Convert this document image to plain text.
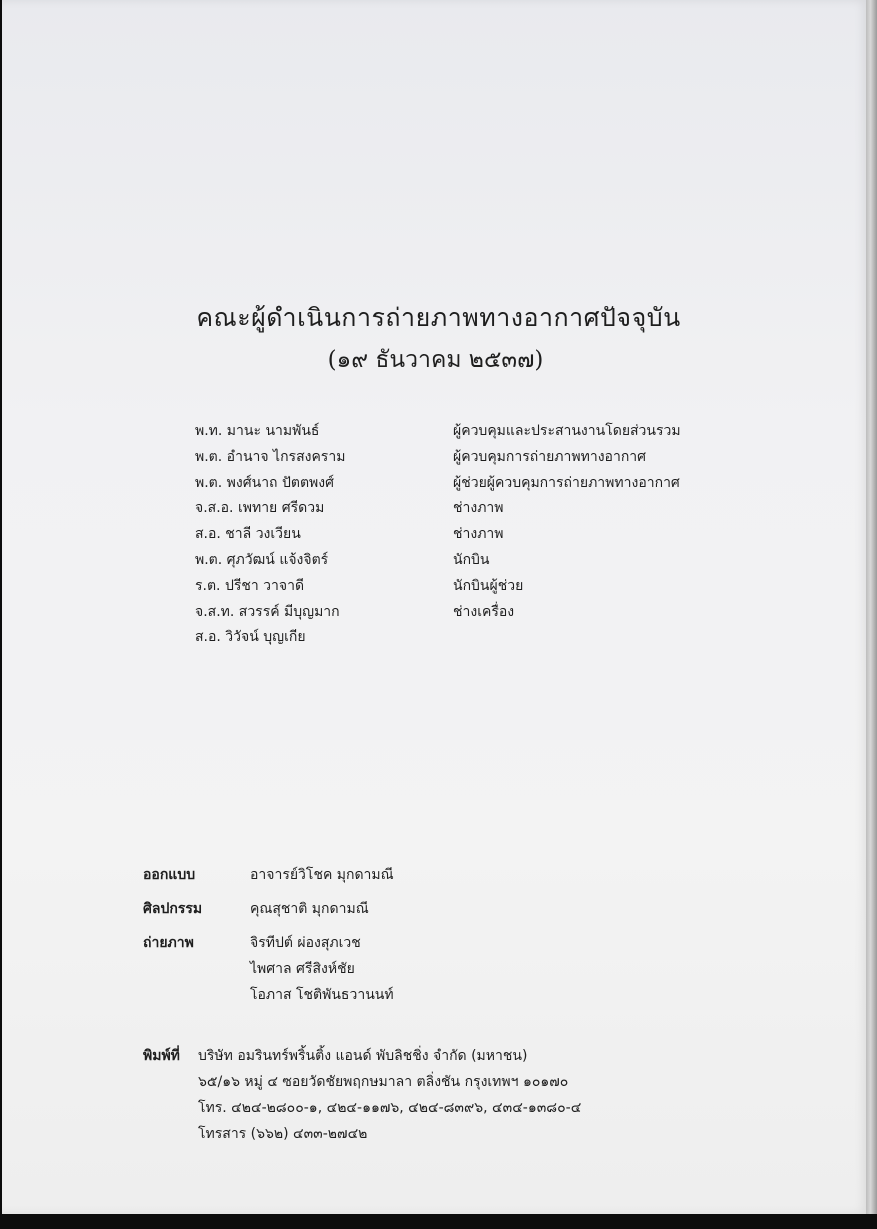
คณะผู้ดำเนินการถ่ายภาพทางอากาศปัจจุบัน
(๑๙ ธันวาคม ๒๕๓๗)
พ.ท. มานะ นามพันธ์	ผู้ควบคุมและประสานงานโดยส่วนรวม
พ.ต. อำนาจ ไกรสงคราม	ผู้ควบคุมการถ่ายภาพทางอากาศ
พ.ต. พงศ์นาถ ปัตตพงศ์	ผู้ช่วยผู้ควบคุมการถ่ายภาพทางอากาศ
จ.ส.อ. เพทาย ศรีดวม	ช่างภาพ
ส.อ. ชาลี วงเวียน	ช่างภาพ
พ.ต. ศุภวัฒน์ แจ้งจิตร์	นักบิน
ร.ต. ปรีชา วาจาดี	นักบินผู้ช่วย
จ.ส.ท. สวรรค์ มีบุญมาก	ช่างเครื่อง
ส.อ. วิวัจน์ บุญเกีย
ออกแบบ	อาจารย์วิโชค มุกดามณี
ศิลปกรรม	คุณสุชาติ มุกดามณี
ถ่ายภาพ	จิรทีปต์ ผ่องสุภเวช
ไพศาล ศรีสิงห์ชัย
โอภาส โชติพันธวานนท์
พิมพ์ที่ บริษัท อมรินทร์พริ้นติ้ง แอนด์ พับลิชชิ่ง จำกัด (มหาชน)
๖๕/๑๖ หมู่ ๔ ซอยวัดชัยพฤกษมาลา ตลิ่งชัน กรุงเทพฯ ๑๐๑๗๐
โทร. ๔๒๔-๒๘๐๐-๑, ๔๒๔-๑๑๗๖, ๔๒๔-๘๓๙๖, ๔๓๔-๑๓๘๐-๔
โทรสาร (๖๖๒) ๔๓๓-๒๗๔๒
